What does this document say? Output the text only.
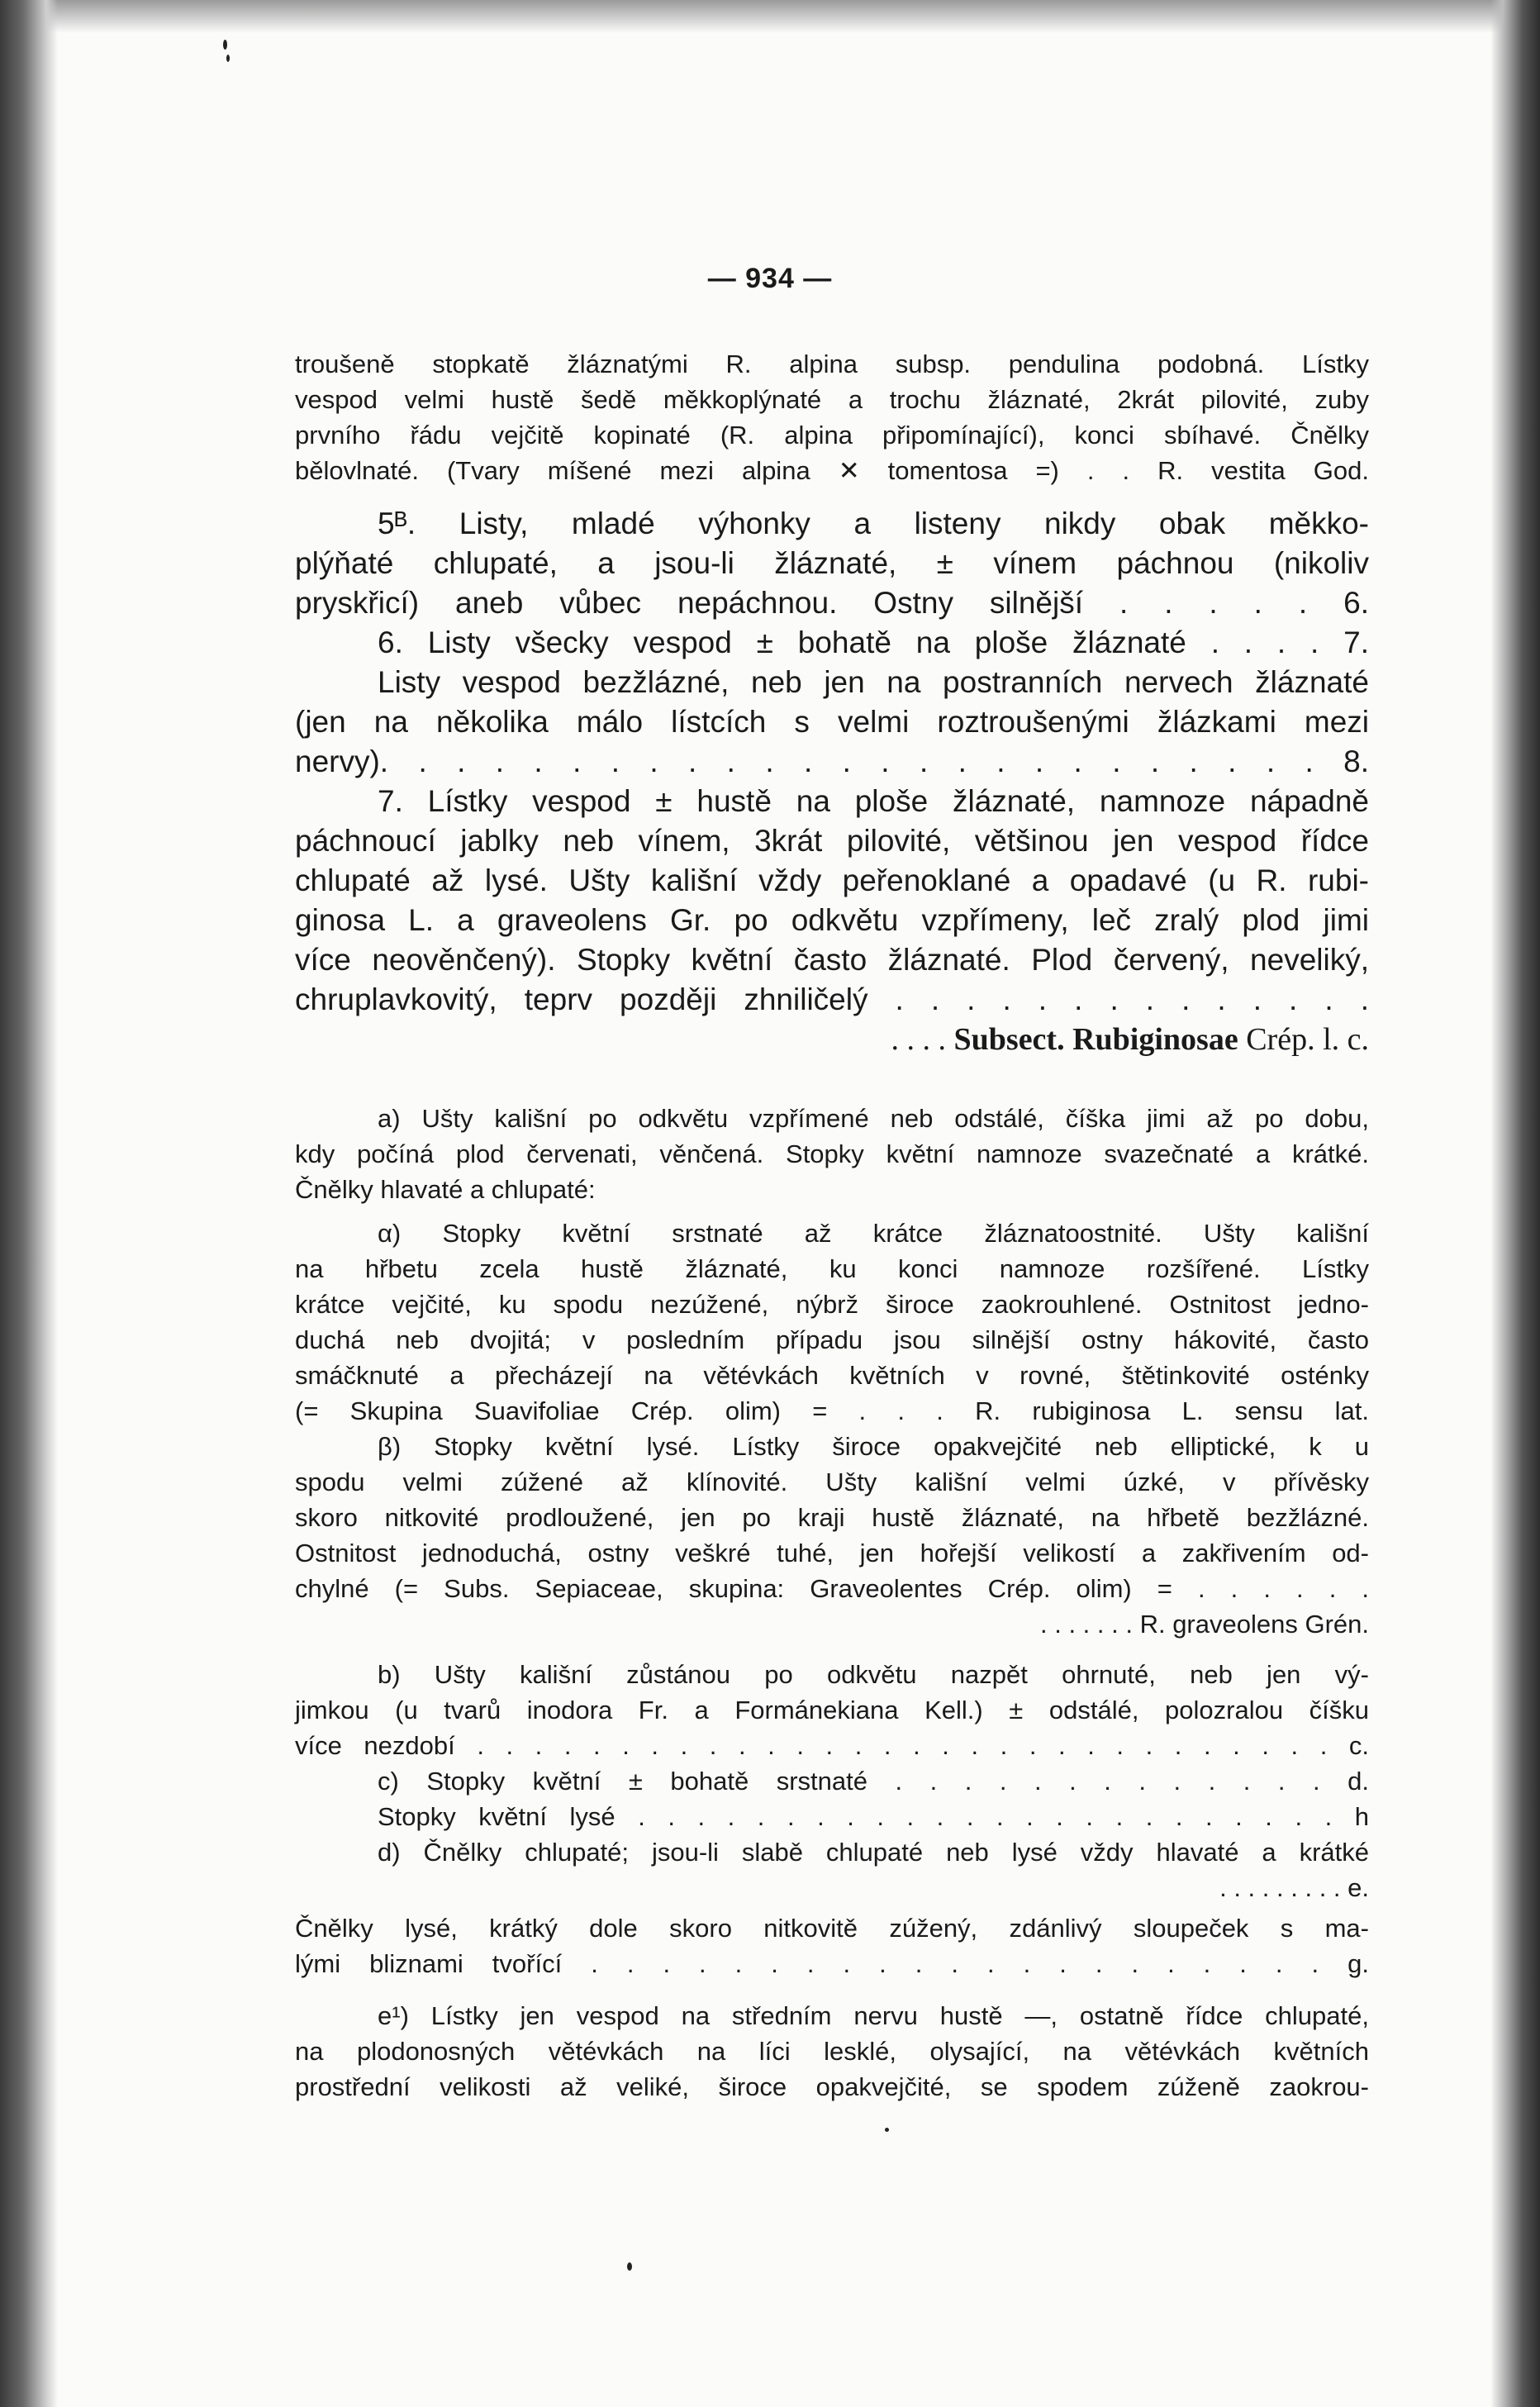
— 934 —
troušeně stopkatě žláznatými R. alpina subsp. pendulina podobná. Lístky
vespod velmi hustě šedě měkkoplýnaté a trochu žláznaté, 2krát pilovité, zuby
prvního řádu vejčitě kopinaté (R. alpina připomínající), konci sbíhavé. Čnělky
bělovlnaté. (Tvary míšené mezi alpina ✕ tomentosa =) . . R. vestita God.
5ᴮ. Listy, mladé výhonky a listeny nikdy obak měkko-
plýňaté chlupaté, a jsou-li žláznaté, ± vínem páchnou (nikoliv
pryskřicí) aneb vůbec nepáchnou. Ostny silnější . . . . . 6.
6. Listy všecky vespod ± bohatě na ploše žláznaté . . . . 7.
Listy vespod bezžlázné, neb jen na postranních nervech žláznaté
(jen na několika málo lístcích s velmi roztroušenými žlázkami mezi
nervy). . . . . . . . . . . . . . . . . . . . . . . . . 8.
7. Lístky vespod ± hustě na ploše žláznaté, namnoze nápadně
páchnoucí jablky neb vínem, 3krát pilovité, většinou jen vespod řídce
chlupaté až lysé. Ušty kališní vždy peřenoklané a opadavé (u R. rubi-
ginosa L. a graveolens Gr. po odkvětu vzpřímeny, leč zralý plod jimi
více neověnčený). Stopky květní často žláznaté. Plod červený, neveliký,
chruplavkovitý, teprv později zhniličelý . . . . . . . . . . . . . .
. . . . Subsect. Rubiginosae Crép. l. c.
a) Ušty kališní po odkvětu vzpřímené neb odstálé, číška jimi až po dobu,
kdy počíná plod červenati, věnčená. Stopky květní namnoze svazečnaté a krátké.
Čnělky hlavaté a chlupaté:
α) Stopky květní srstnaté až krátce žláznatoostnité. Ušty kališní
na hřbetu zcela hustě žláznaté, ku konci namnoze rozšířené. Lístky
krátce vejčité, ku spodu nezúžené, nýbrž široce zaokrouhlené. Ostnitost jedno-
duchá neb dvojitá; v posledním případu jsou silnější ostny hákovité, často
smáčknuté a přecházejí na větévkách květních v rovné, štětinkovité osténky
(= Skupina Suavifoliae Crép. olim) = . . . R. rubiginosa L. sensu lat.
β) Stopky květní lysé. Lístky široce opakvejčité neb elliptické, k u
spodu velmi zúžené až klínovité. Ušty kališní velmi úzké, v přívěsky
skoro nitkovité prodloužené, jen po kraji hustě žláznaté, na hřbetě bezžlázné.
Ostnitost jednoduchá, ostny veškré tuhé, jen hořejší velikostí a zakřivením od-
chylné (= Subs. Sepiaceae, skupina: Graveolentes Crép. olim) = . . . . . .
. . . . . . . R. graveolens Grén.
b) Ušty kališní zůstánou po odkvětu nazpět ohrnuté, neb jen vý-
jimkou (u tvarů inodora Fr. a Formánekiana Kell.) ± odstálé, polozralou číšku
více nezdobí . . . . . . . . . . . . . . . . . . . . . . . . . . . . . . c.
c) Stopky květní ± bohatě srstnaté . . . . . . . . . . . . . d.
Stopky květní lysé . . . . . . . . . . . . . . . . . . . . . . . . h
d) Čnělky chlupaté; jsou-li slabě chlupaté neb lysé vždy hlavaté a krátké
. . . . . . . . . e.
Čnělky lysé, krátký dole skoro nitkovitě zúžený, zdánlivý sloupeček s ma-
lými bliznami tvořící . . . . . . . . . . . . . . . . . . . . . g.
e¹) Lístky jen vespod na středním nervu hustě —, ostatně řídce chlupaté,
na plodonosných větévkách na líci lesklé, olysající, na větévkách květních
prostřední velikosti až veliké, široce opakvejčité, se spodem zúženě zaokrou-
